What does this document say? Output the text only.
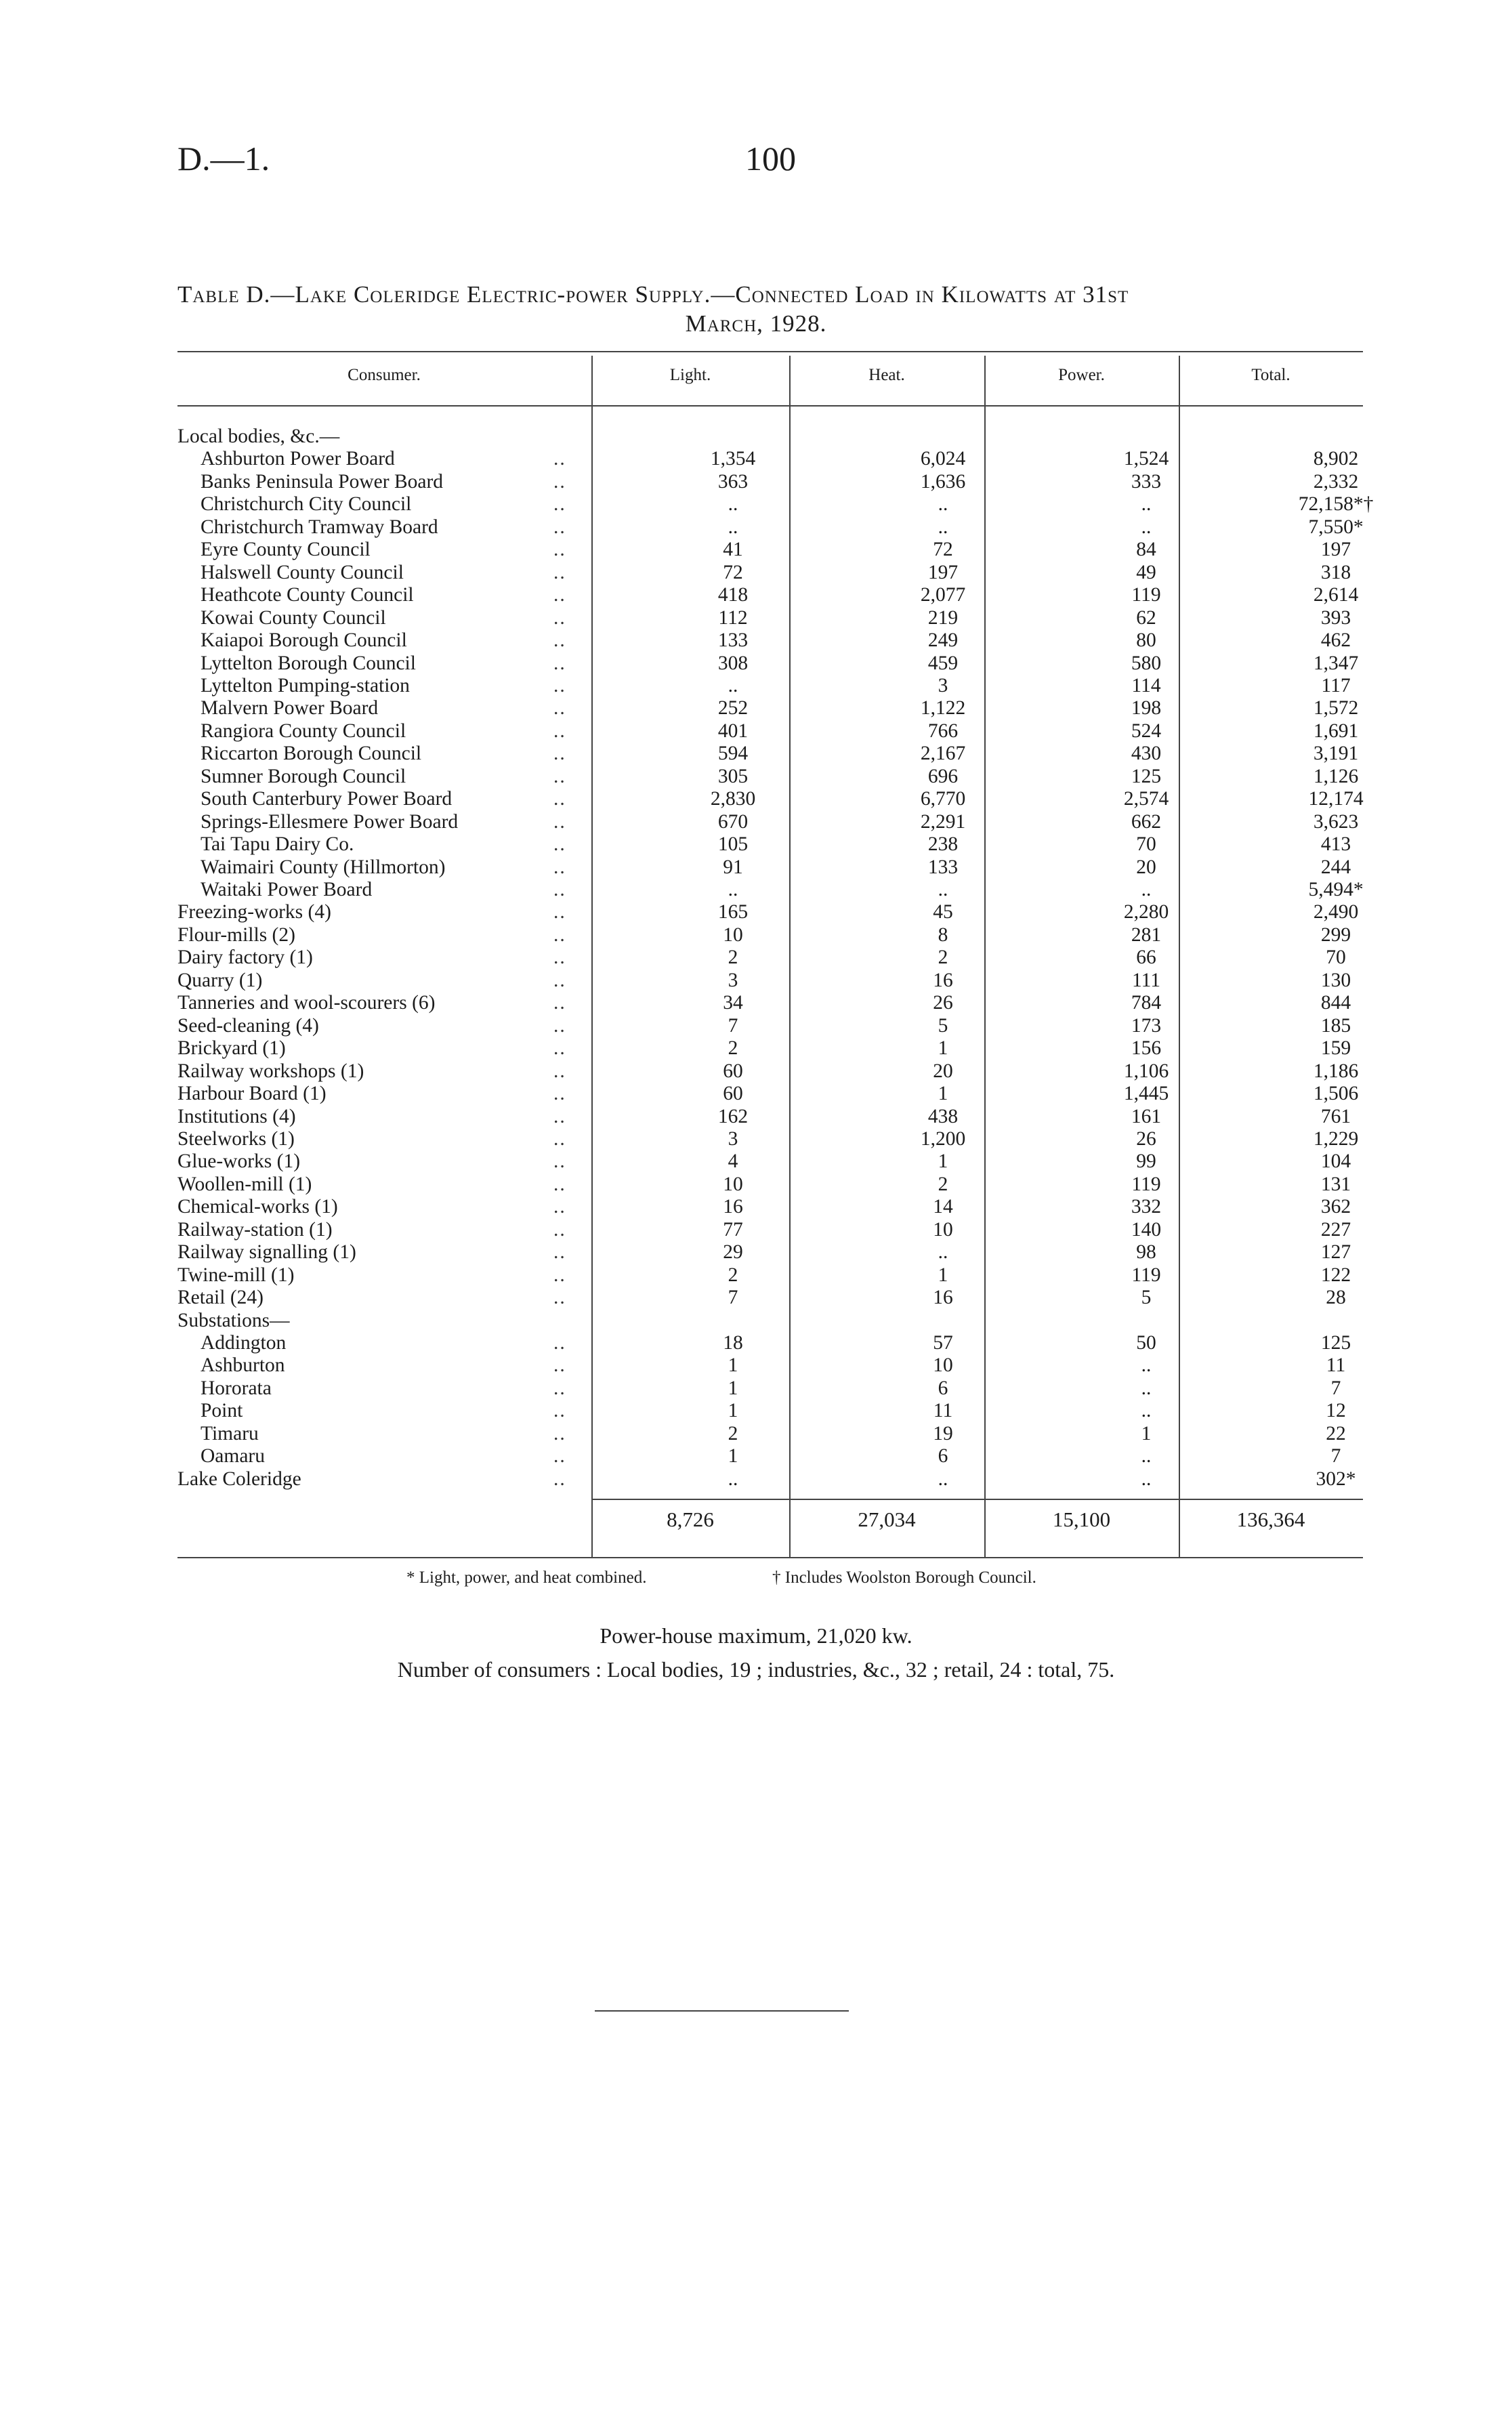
D.—1.	100
Table D.—Lake Coleridge Electric-power Supply.—Connected Load in Kilowatts at 31st
March, 1928.
Consumer.	Light.	Heat.	Power.	Total.
Local bodies, &c.—
Ashburton Power Board	..	1,354	6,024	1,524	8,902
Banks Peninsula Power Board	..	363	1,636	333	2,332
Christchurch City Council	..	..	..	..	72,158*†
Christchurch Tramway Board	..	..	..	..	7,550*
Eyre County Council	..	41	72	84	197
Halswell County Council	..	72	197	49	318
Heathcote County Council	..	418	2,077	119	2,614
Kowai County Council	..	112	219	62	393
Kaiapoi Borough Council	..	133	249	80	462
Lyttelton Borough Council	..	308	459	580	1,347
Lyttelton Pumping-station	..	..	3	114	117
Malvern Power Board	..	252	1,122	198	1,572
Rangiora County Council	..	401	766	524	1,691
Riccarton Borough Council	..	594	2,167	430	3,191
Sumner Borough Council	..	305	696	125	1,126
South Canterbury Power Board	..	2,830	6,770	2,574	12,174
Springs-Ellesmere Power Board	..	670	2,291	662	3,623
Tai Tapu Dairy Co.	..	105	238	70	413
Waimairi County (Hillmorton)	..	91	133	20	244
Waitaki Power Board	..	..	..	..	5,494*
Freezing-works (4)	..	165	45	2,280	2,490
Flour-mills (2)	..	10	8	281	299
Dairy factory (1)	..	2	2	66	70
Quarry (1)	..	3	16	111	130
Tanneries and wool-scourers (6)	..	34	26	784	844
Seed-cleaning (4)	..	7	5	173	185
Brickyard (1)	..	2	1	156	159
Railway workshops (1)	..	60	20	1,106	1,186
Harbour Board (1)	..	60	1	1,445	1,506
Institutions (4)	..	162	438	161	761
Steelworks (1)	..	3	1,200	26	1,229
Glue-works (1)	..	4	1	99	104
Woollen-mill (1)	..	10	2	119	131
Chemical-works (1)	..	16	14	332	362
Railway-station (1)	..	77	10	140	227
Railway signalling (1)	..	29	..	98	127
Twine-mill (1)	..	2	1	119	122
Retail (24)	..	7	16	5	28
Substations—
Addington	..	18	57	50	125
Ashburton	..	1	10	..	11
Hororata	..	1	6	..	7
Point	..	1	11	..	12
Timaru	..	2	19	1	22
Oamaru	..	1	6	..	7
Lake Coleridge	..	..	..	..	302*
8,726	27,034	15,100	136,364
* Light, power, and heat combined.	† Includes Woolston Borough Council.
Power-house maximum, 21,020 kw.
Number of consumers : Local bodies, 19 ; industries, &c., 32 ; retail, 24 : total, 75.
